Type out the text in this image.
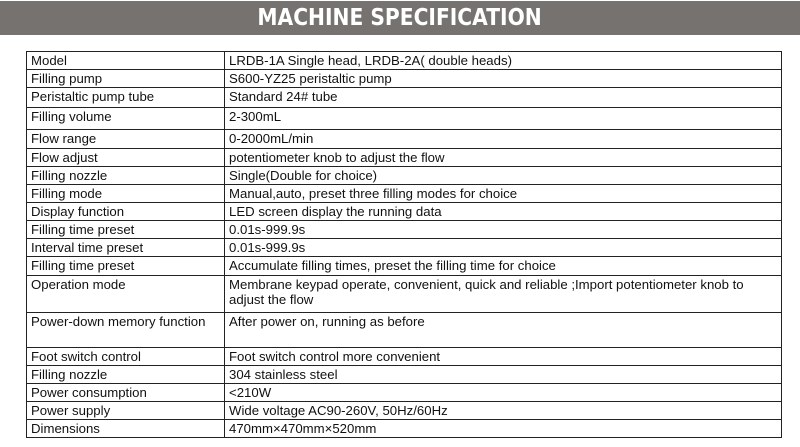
MACHINE SPECIFICATION
Model	LRDB-1A Single head, LRDB-2A( double heads)
Filling pump	S600-YZ25 peristaltic pump
Peristaltic pump tube	Standard 24# tube
Filling volume	2-300mL
Flow range	0-2000mL/min
Flow adjust	potentiometer knob to adjust the flow
Filling nozzle	Single(Double for choice)
Filling mode	Manual,auto, preset three filling modes for choice
Display function	LED screen display the running data
Filling time preset	0.01s-999.9s
Interval time preset	0.01s-999.9s
Filling time preset	Accumulate filling times, preset the filling time for choice
Operation mode	Membrane keypad operate, convenient, quick and reliable ;Import potentiometer knob to adjust the flow
Power-down memory function	After power on, running as before
Foot switch control	Foot switch control more convenient
Filling nozzle	304 stainless steel
Power consumption	<210W
Power supply	Wide voltage AC90-260V, 50Hz/60Hz
Dimensions	470mm×470mm×520mm
